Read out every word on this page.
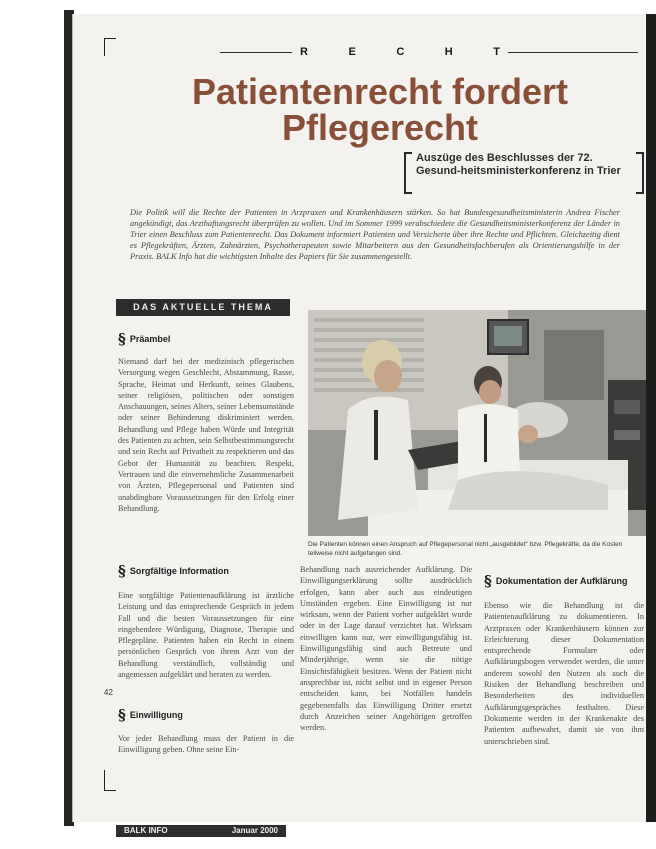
R	E	C	H	T
Patientenrecht fordert
Pflegerecht
Auszüge des Beschlusses der 72. Gesund-heitsministerkonferenz in Trier
Die Politik will die Rechte der Patienten in Arzpraxen und Krankenhäusern stärken. So hat Bundesgesundheitsministerin Andrea Fischer angekündigt, das Arzthaftungsrecht überprüfen zu wollen. Und im Sommer 1999 verabschiedete die Gesundheitsministerkonferenz der Länder in Trier einen Beschluss zum Patientenrecht. Das Dokument informiert Patienten und Versicherte über ihre Rechte und Pflichten. Gleichzeitig dient es Pflegekräften, Ärzten, Zahnärzten, Psychotherapeuten sowie Mitarbeitern aus den Gesundheitsfachberufen als Orientierungshilfe in der Praxis. BALK Info hat die wichtigsten Inhalte des Papiers für Sie zusammengestellt.
DAS AKTUELLE THEMA
Die Patienten können einen Anspruch auf Pflegepersonal nicht „ausgebildet“ bzw. Pflegekräfte, da die Kosten teilweise nicht aufgefangen sind.
§ Präambel
Niemand darf bei der medizinisch pflegerischen Versorgung wegen Geschlecht, Abstammung, Rasse, Sprache, Heimat und Herkunft, seines Glaubens, seiner religiösen, politischen oder sonstigen Anschauungen, seines Alters, seiner Lebensumstände oder seiner Behinderung diskriminiert werden. Behandlung und Pflege haben Würde und Integrität des Patienten zu achten, sein Selbstbestimmungsrecht und sein Recht auf Privatheit zu respektieren und das Gebot der Humanität zu beachten. Respekt, Vertrauen und die einvernehmliche Zusammenarbeit von Ärzten, Pflegepersonal und Patienten sind unabdingbare Voraussetzungen für den Erfolg einer Behandlung.
§ Sorgfältige Information
Eine sorgfältige Patientenaufklärung ist ärztliche Leistung und das entsprechende Gespräch in jedem Fall und die besten Voraussetzungen für eine eingehendere Würdigung, Diagnose, Therapie und Pflegepläne. Patienten haben ein Recht in einem persönlichen Gespräch von ihrem Arzt von der Behandlung verständlich, vollständig und angemessen aufgeklärt und beraten zu werden.
§ Einwilligung
Vor jeder Behandlung muss der Patient in die Einwilligung geben. Ohne seine Ein-
42
Behandlung nach ausreichender Aufklärung. Die Einwilligungserklärung sollte ausdrücklich erfolgen, kann aber auch aus eindeutigen Umständen ergeben. Eine Einwilligung ist nur wirksam, wenn der Patient vorher aufgeklärt wurde oder in der Lage darauf verzichtet hat. Wirksam einwilligen kann nur, wer einwilligungsfähig ist. Einwilligungsfähig sind auch Betreute und Minderjährige, wenn sie die nötige Einsichtsfähigkeit besitzen. Wenn der Patient nicht ansprechbar ist, nicht selbst und in eigener Person entscheiden kann, bei Notfällen handeln gegebenenfalls das Einwilligung Dritter ersetzt durch Anzeichen seiner Angehörigen getroffen werden.
§ Dokumentation der Aufklärung
Ebenso wie die Behandlung ist die Patientenaufklärung zu dokumentieren. In Arztpraxen oder Krankenhäusern können zur Erleichterung dieser Dokumentation entsprechende Formulare oder Aufklärungsbogen verwendet werden, die unter anderem sowohl den Nutzen als auch die Risiken der Behandlung beschreiben und Besonderheiten des individuellen Aufklärungsgespräches festhalten. Diese Dokumente werden in der Krankenakte des Patienten aufbewahrt, damit sie von ihm unterschrieben sind.
BALK INFO	Januar 2000
